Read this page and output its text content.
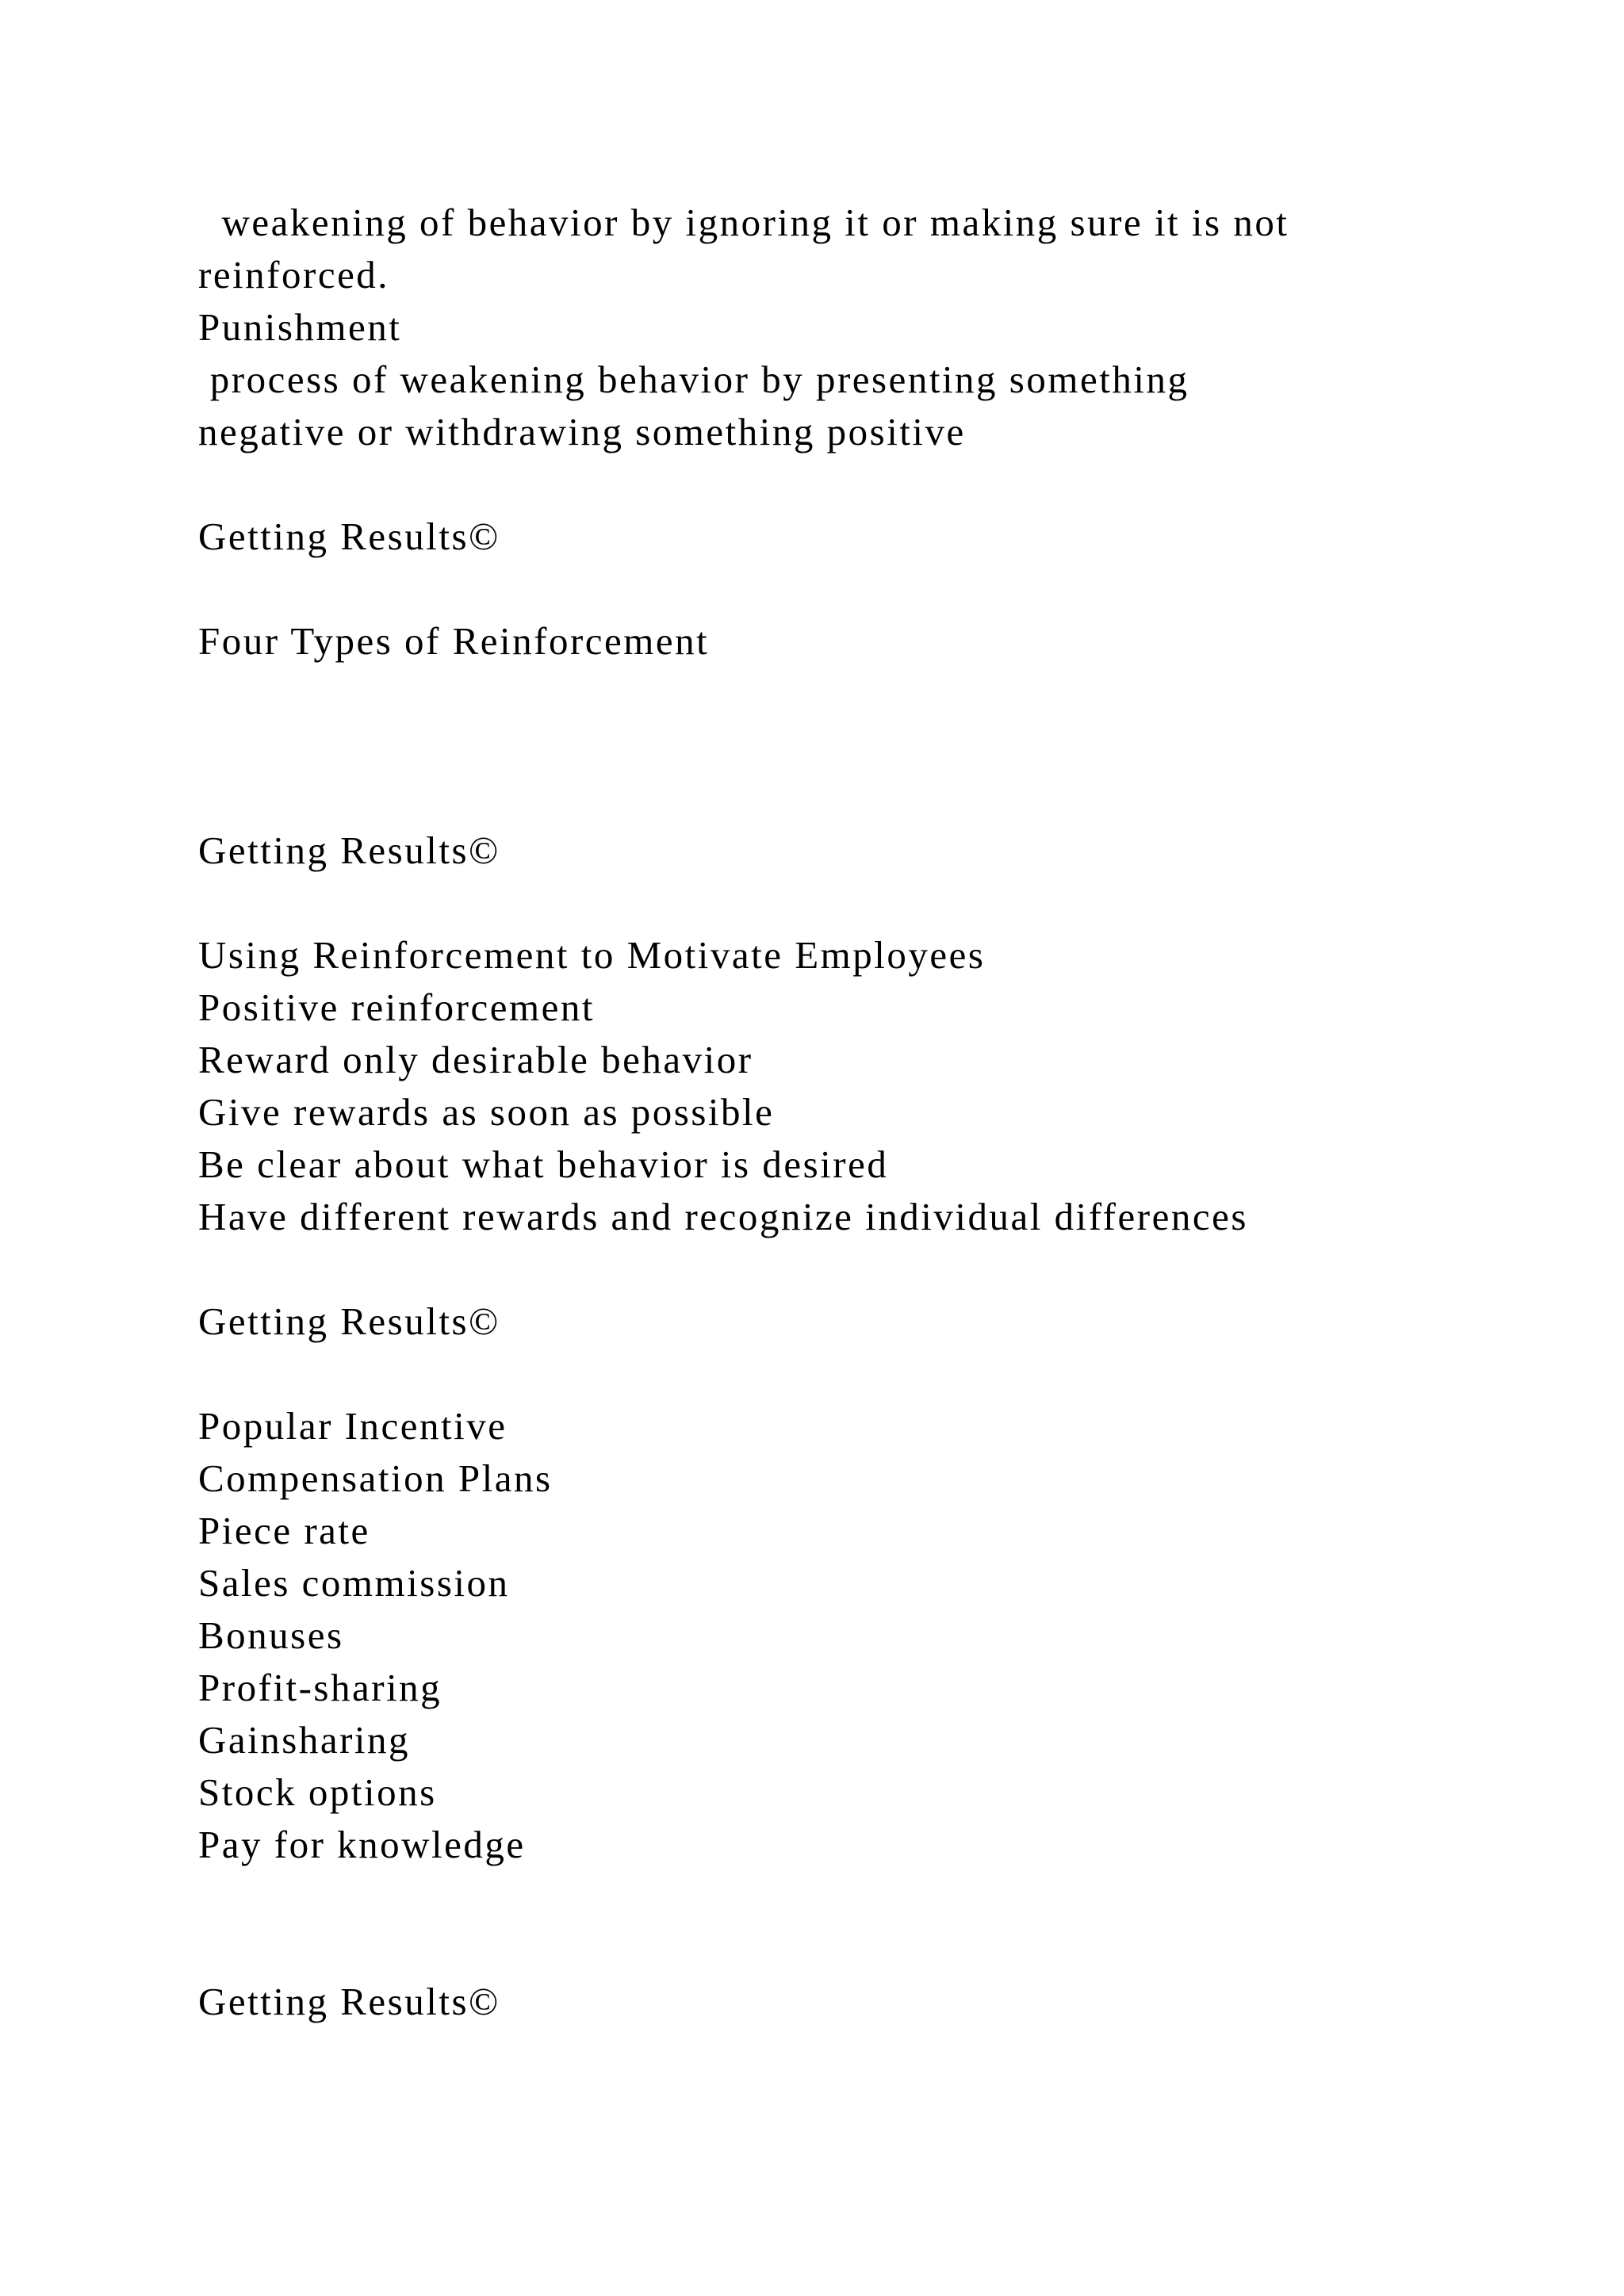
weakening of behavior by ignoring it or making sure it is not
reinforced.
Punishment
process of weakening behavior by presenting something
negative or withdrawing something positive
Getting Results©
Four Types of Reinforcement
Getting Results©
Using Reinforcement to Motivate Employees
Positive reinforcement
Reward only desirable behavior
Give rewards as soon as possible
Be clear about what behavior is desired
Have different rewards and recognize individual differences
Getting Results©
Popular Incentive
Compensation Plans
Piece rate
Sales commission
Bonuses
Profit-sharing
Gainsharing
Stock options
Pay for knowledge
Getting Results©
